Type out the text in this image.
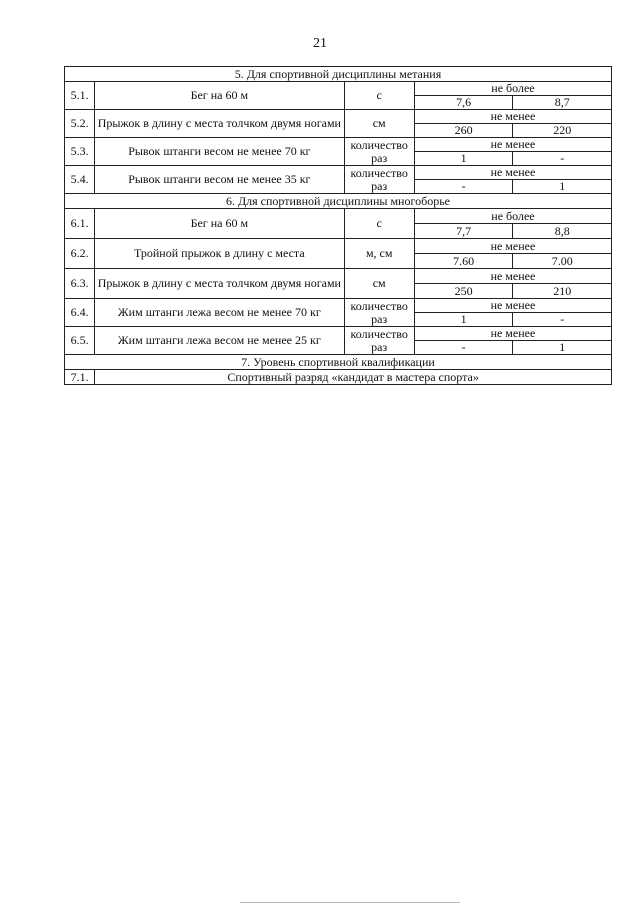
21
5. Для спортивной дисциплины метания				
5.1.	Бег на 60 м	с	не более	
			7,6	8,7
5.2.	Прыжок в длину с места толчком двумя ногами	см	не менее	
			260	220
5.3.	Рывок штанги весом не менее 70 кг	количество раз	не менее	
			1	-
5.4.	Рывок штанги весом не менее 35 кг	количество раз	не менее	
			-	1
6. Для спортивной дисциплины многоборье				
6.1.	Бег на 60 м	с	не более	
			7,7	8,8
6.2.	Тройной прыжок в длину с места	м, см	не менее	
			7.60	7.00
6.3.	Прыжок в длину с места толчком двумя ногами	см	не менее	
			250	210
6.4.	Жим штанги лежа весом не менее 70 кг	количество раз	не менее	
			1	-
6.5.	Жим штанги лежа весом не менее 25 кг	количество раз	не менее	
			-	1
7. Уровень спортивной квалификации				
7.1.	Спортивный разряд «кандидат в мастера спорта»			
